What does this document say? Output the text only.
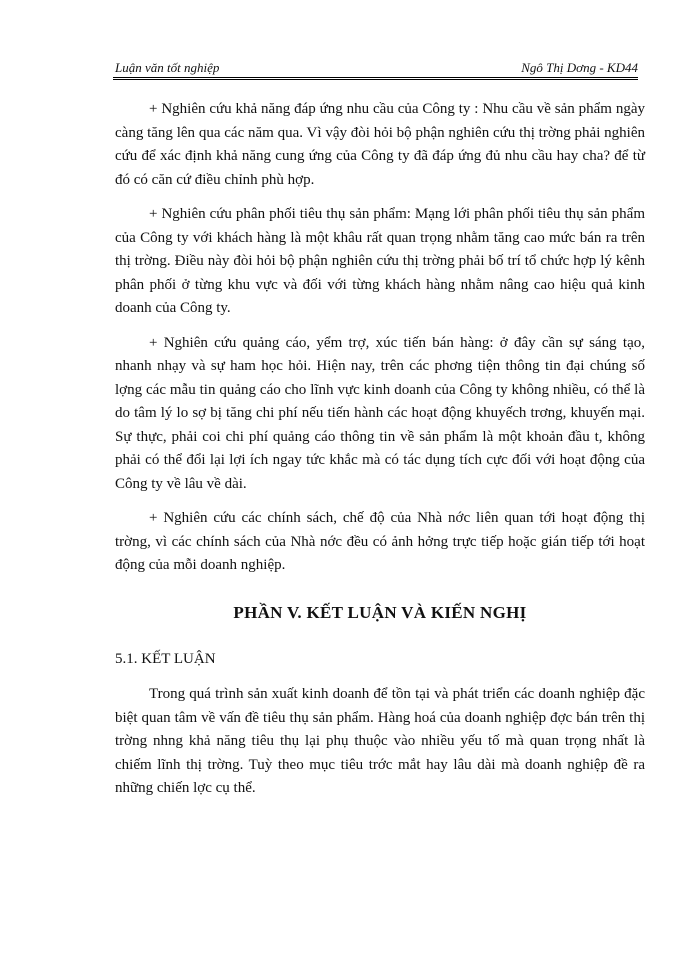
Luận văn tốt nghiệp	Ngô Thị Dơng - KD44

+ Nghiên cứu khả năng đáp ứng nhu cầu của Công ty : Nhu cầu về sản phẩm ngày càng tăng lên qua các năm qua. Vì vậy đòi hỏi bộ phận nghiên cứu thị trờng phải nghiên cứu để xác định khả năng cung ứng của Công ty đã đáp ứng đủ nhu cầu hay cha? để từ đó có căn cứ điều chỉnh phù hợp.

+ Nghiên cứu phân phối tiêu thụ sản phẩm: Mạng lới phân phối tiêu thụ sản phẩm của Công ty với khách hàng là một khâu rất quan trọng nhằm tăng cao mức bán ra trên thị trờng. Điều này đòi hỏi bộ phận nghiên cứu thị trờng phải bố trí tổ chức hợp lý kênh phân phối ở từng khu vực và đối với từng khách hàng nhằm nâng cao hiệu quả kinh doanh của Công ty.

+ Nghiên cứu quảng cáo, yểm trợ, xúc tiến bán hàng: ở đây cần sự sáng tạo, nhanh nhạy và sự ham học hỏi. Hiện nay, trên các phơng tiện thông tin đại chúng số lợng các mẫu tin quảng cáo cho lĩnh vực kinh doanh của Công ty không nhiều, có thể là do tâm lý lo sợ bị tăng chi phí nếu tiến hành các hoạt động khuyếch trơng, khuyến mại. Sự thực, phải coi chi phí quảng cáo thông tin về sản phẩm là một khoản đầu t, không phải có thể đổi lại lợi ích ngay tức khắc mà có tác dụng tích cực đối với hoạt động của Công ty về lâu về dài.

+ Nghiên cứu các chính sách, chế độ của Nhà nớc liên quan tới hoạt động thị trờng, vì các chính sách của Nhà nớc đều có ảnh hởng trực tiếp hoặc gián tiếp tới hoạt động của mỗi doanh nghiệp.

PHẦN V. KẾT LUẬN VÀ KIẾN NGHỊ
5.1. KẾT LUẬN

Trong quá trình sản xuất kinh doanh để tồn tại và phát triển các doanh nghiệp đặc biệt quan tâm về vấn đề tiêu thụ sản phẩm. Hàng hoá của doanh nghiệp đợc bán trên thị trờng nhng khả năng tiêu thụ lại phụ thuộc vào nhiều yếu tố mà quan trọng nhất là chiếm lĩnh thị trờng. Tuỳ theo mục tiêu trớc mắt hay lâu dài mà doanh nghiệp đề ra những chiến lợc cụ thể.
